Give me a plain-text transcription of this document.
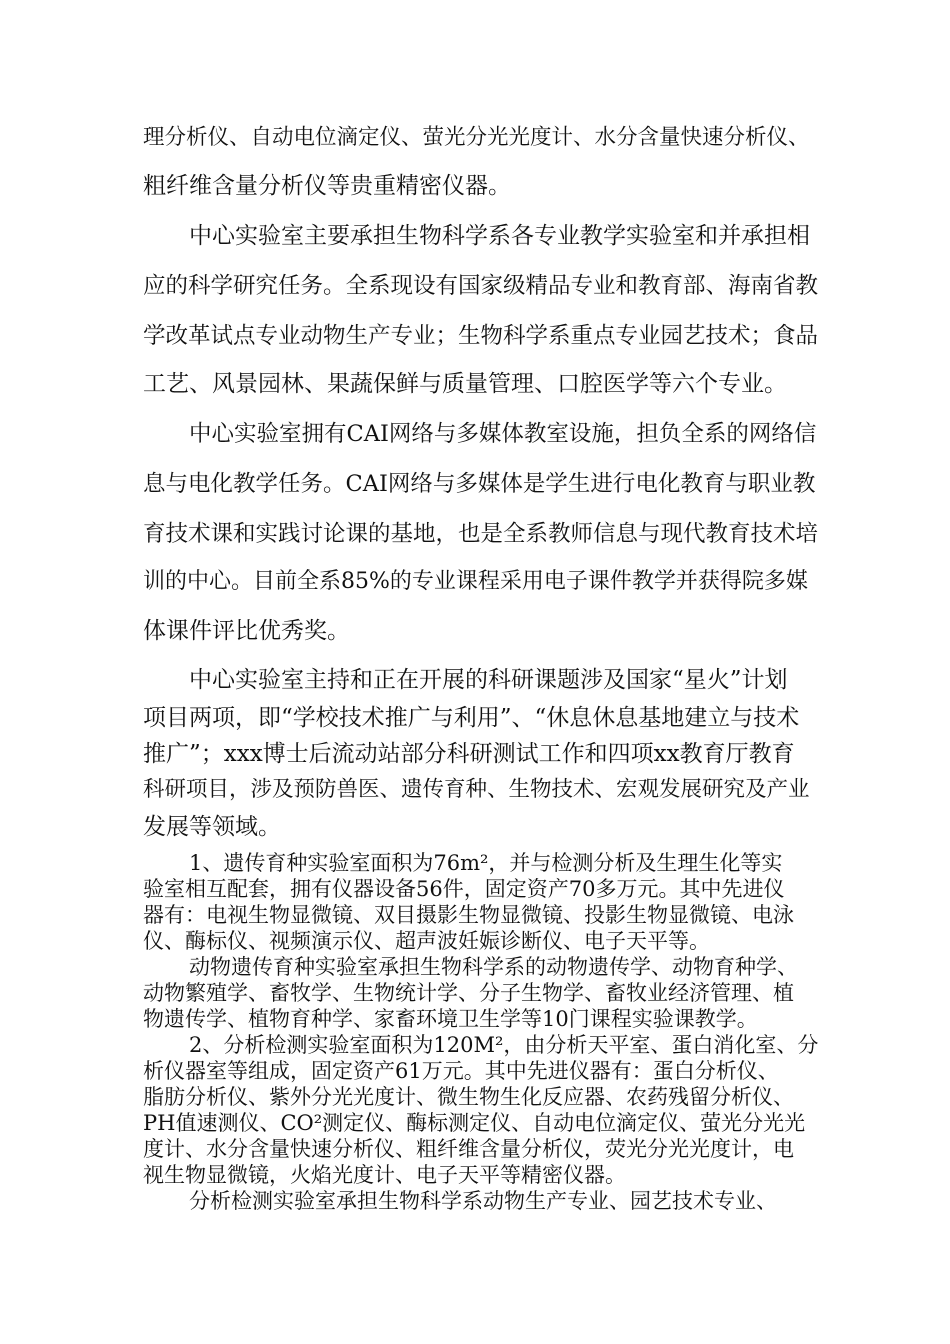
理分析仪、自动电位滴定仪、萤光分光光度计、水分含量快速分析仪、
粗纤维含量分析仪等贵重精密仪器。
中心实验室主要承担生物科学系各专业教学实验室和并承担相
应的科学研究任务。全系现设有国家级精品专业和教育部、海南省教
学改革试点专业动物生产专业；生物科学系重点专业园艺技术；食品
工艺、风景园林、果蔬保鲜与质量管理、口腔医学等六个专业。
中心实验室拥有CAI网络与多媒体教室设施，担负全系的网络信
息与电化教学任务。CAI网络与多媒体是学生进行电化教育与职业教
育技术课和实践讨论课的基地，也是全系教师信息与现代教育技术培
训的中心。目前全系85%的专业课程采用电子课件教学并获得院多媒
体课件评比优秀奖。
中心实验室主持和正在开展的科研课题涉及国家“星火”计划
项目两项，即“学校技术推广与利用”、“休息休息基地建立与技术
推广”；xxx博士后流动站部分科研测试工作和四项xx教育厅教育
科研项目，涉及预防兽医、遗传育种、生物技术、宏观发展研究及产业
发展等领域。
1、遗传育种实验室面积为76m²，并与检测分析及生理生化等实
验室相互配套，拥有仪器设备56件，固定资产70多万元。其中先进仪
器有：电视生物显微镜、双目摄影生物显微镜、投影生物显微镜、电泳
仪、酶标仪、视频演示仪、超声波妊娠诊断仪、电子天平等。
动物遗传育种实验室承担生物科学系的动物遗传学、动物育种学、
动物繁殖学、畜牧学、生物统计学、分子生物学、畜牧业经济管理、植
物遗传学、植物育种学、家畜环境卫生学等10门课程实验课教学。
2、分析检测实验室面积为120M²，由分析天平室、蛋白消化室、分
析仪器室等组成，固定资产61万元。其中先进仪器有：蛋白分析仪、
脂肪分析仪、紫外分光光度计、微生物生化反应器、农药残留分析仪、
PH值速测仪、CO²测定仪、酶标测定仪、自动电位滴定仪、萤光分光光
度计、水分含量快速分析仪、粗纤维含量分析仪，荧光分光光度计，电
视生物显微镜，火焰光度计、电子天平等精密仪器。
分析检测实验室承担生物科学系动物生产专业、园艺技术专业、
